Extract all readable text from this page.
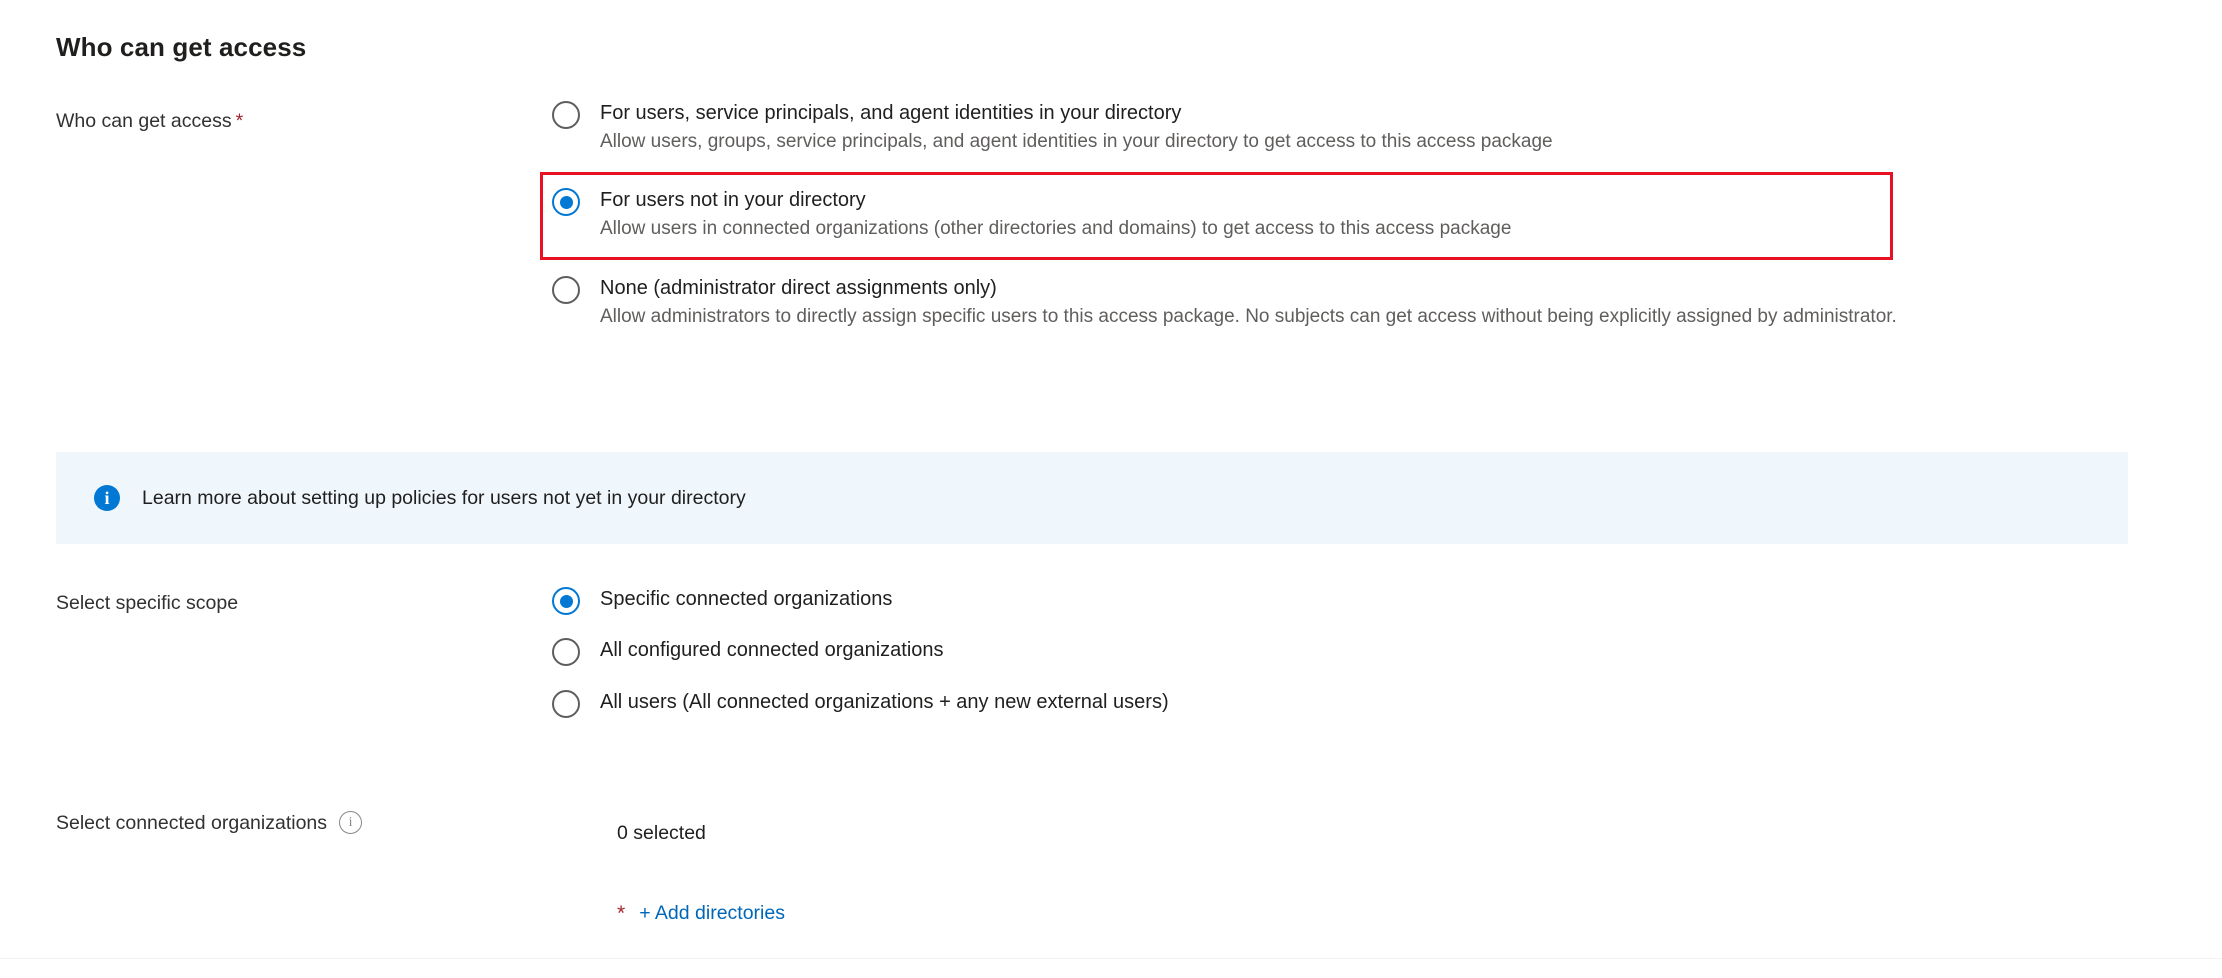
Who can get access
Who can get access *	For users, service principals, and agent identities in your directory
Allow users, groups, service principals, and agent identities in your directory to get access to this access package
For users not in your directory
Allow users in connected organizations (other directories and domains) to get access to this access package
None (administrator direct assignments only)
Allow administrators to directly assign specific users to this access package. No subjects can get access without being explicitly assigned by administrator.
i	Learn more about setting up policies for users not yet in your directory
Select specific scope	Specific connected organizations
All configured connected organizations
All users (All connected organizations + any new external users)
Select connected organizations i	0 selected
* + Add directories
